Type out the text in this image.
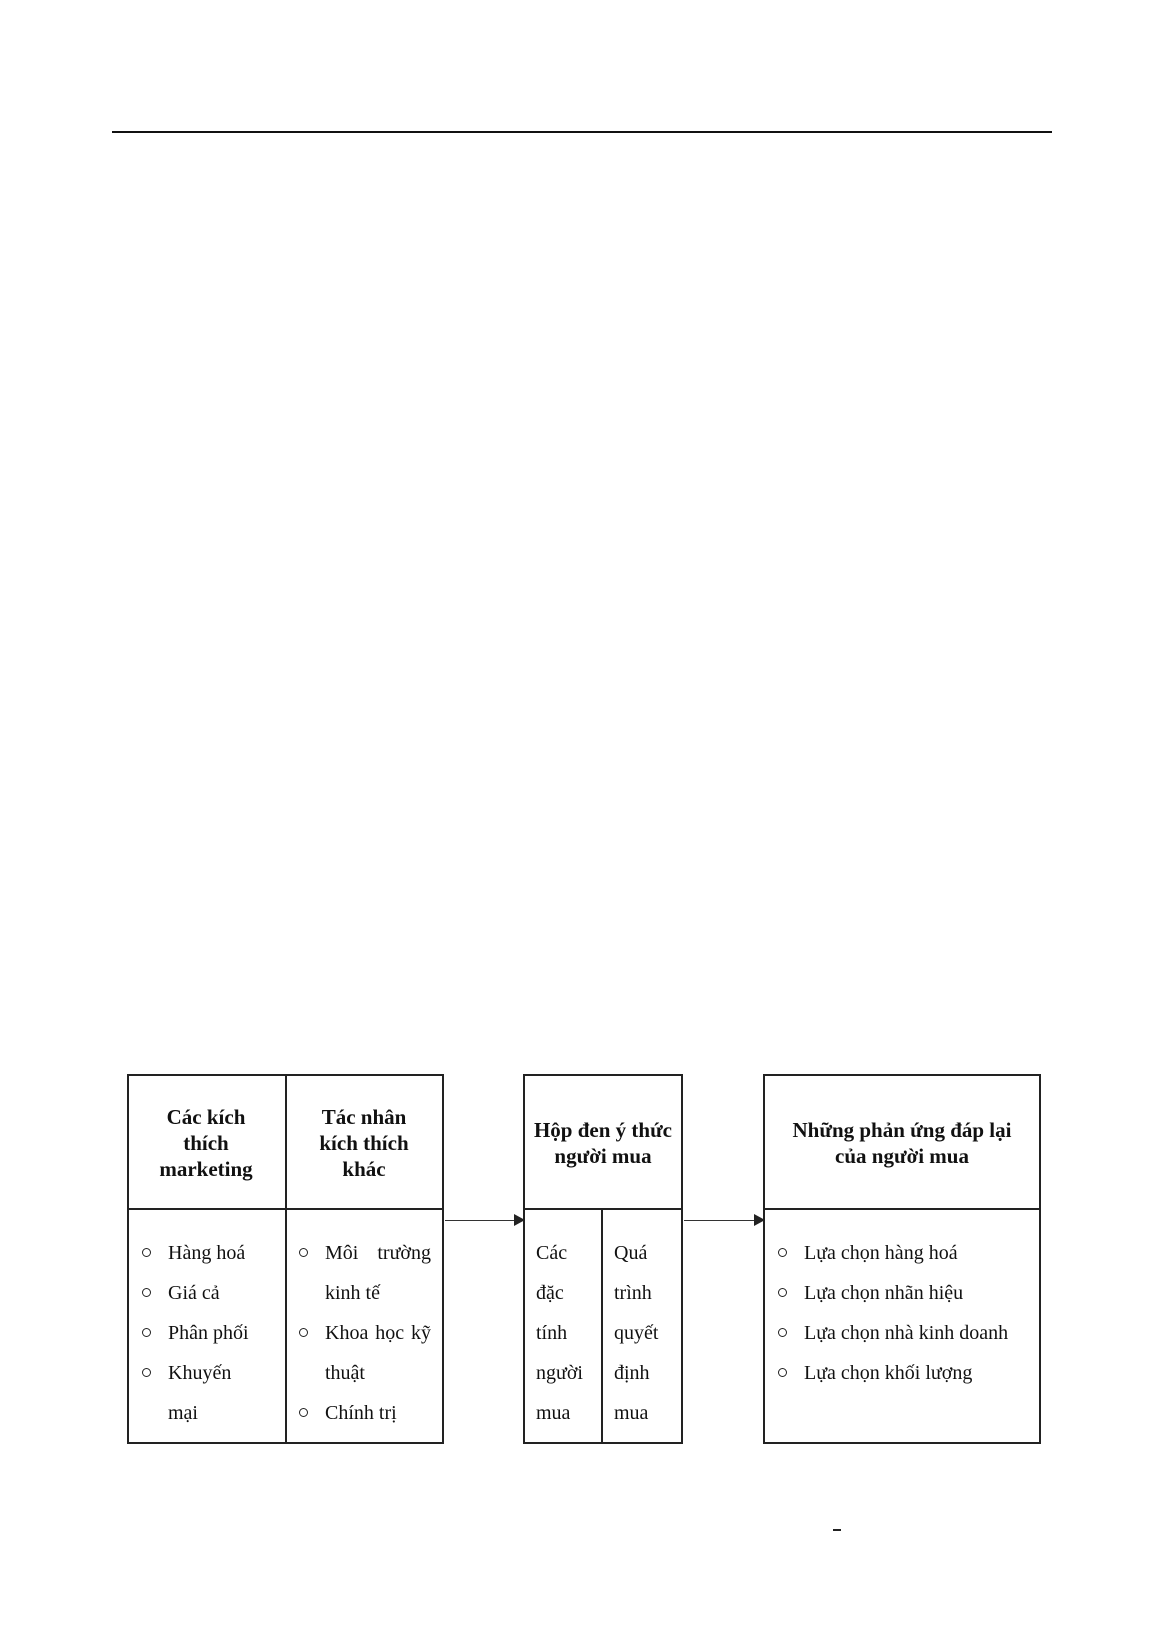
Các kích thích marketing
Tác nhân kích thích khác
Hàng hoá
Giá cả
Phân phối
Khuyến mại
Môi trường kinh tế
Khoa học kỹ thuật
Chính trị
Hộp đen ý thức người mua
Các đặc tính người mua
Quá trình quyết định mua
Những phản ứng đáp lại của người mua
Lựa chọn hàng hoá
Lựa chọn nhãn hiệu
Lựa chọn nhà kinh doanh
Lựa chọn khối lượng
